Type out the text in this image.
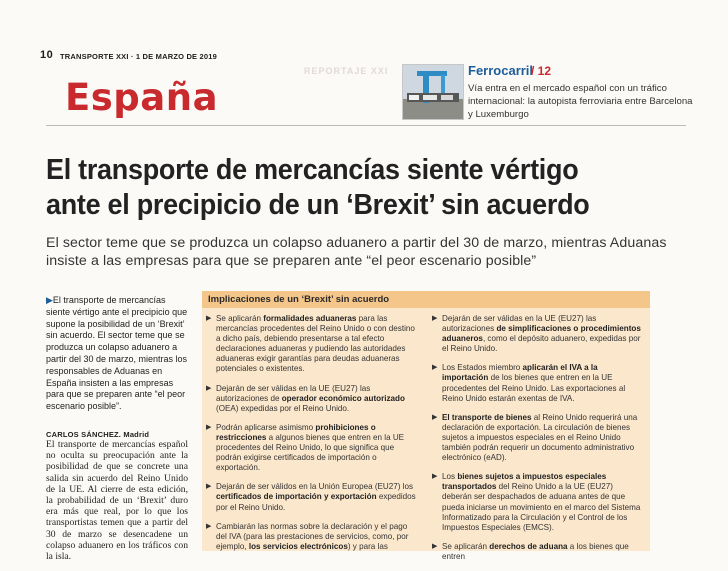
10 TRANSPORTE XXI · 1 DE MARZO DE 2019
España
REPORTAJE XXI	Ferrocarril
/ 12
Vía entra en el mercado español con un tráfico internacional: la autopista ferroviaria entre Barcelona y Luxemburgo
El transporte de mercancías siente vértigo
ante el precipicio de un ‘Brexit’ sin acuerdo
El sector teme que se produzca un colapso aduanero a partir del 30 de marzo, mientras Aduanas insiste a las empresas para que se preparen ante “el peor escenario posible”
▶El transporte de mercancías siente vértigo ante el precipicio que supone la posibilidad de un ‘Brexit’ sin acuerdo. El sector teme que se produzca un colapso aduanero a partir del 30 de marzo, mientras los responsables de Aduanas en España insisten a las empresas para que se preparen ante “el peor escenario posible”.
CARLOS SÁNCHEZ. Madrid
El transporte de mercancías español no oculta su preocupación ante la posibilidad de que se concrete una salida sin acuerdo del Reino Unido de la UE. Al cierre de esta edición, la probabilidad de un ‘Brexit’ duro era más que real, por lo que los transportistas temen que a partir del 30 de marzo se desencadene un colapso aduanero en los tráficos con la isla.
Implicaciones de un ‘Brexit’ sin acuerdo
▶ Se aplicarán formalidades aduaneras para las mercancías procedentes del Reino Unido o con destino a dicho país, debiendo presentarse a tal efecto declaraciones aduaneras y pudiendo las autoridades aduaneras exigir garantías para deudas aduaneras potenciales o existentes.
▶ Dejarán de ser válidas en la UE (EU27) las autorizaciones de operador económico autorizado (OEA) expedidas por el Reino Unido.
▶ Podrán aplicarse asimismo prohibiciones o restricciones a algunos bienes que entren en la UE procedentes del Reino Unido, lo que significa que podrán exigirse certificados de importación o exportación.
▶ Dejarán de ser válidos en la Unión Europea (EU27) los certificados de importación y exportación expedidos por el Reino Unido.
▶ Cambiarán las normas sobre la declaración y el pago del IVA (para las prestaciones de servicios, como, por ejemplo, los servicios electrónicos) y para las
▶ Dejarán de ser válidas en la UE (EU27) las autorizaciones de simplificaciones o procedimientos aduaneros, como el depósito aduanero, expedidas por el Reino Unido.
▶ Los Estados miembro aplicarán el IVA a la importación de los bienes que entren en la UE procedentes del Reino Unido. Las exportaciones al Reino Unido estarán exentas de IVA.
▶ El transporte de bienes al Reino Unido requerirá una declaración de exportación. La circulación de bienes sujetos a impuestos especiales en el Reino Unido también podrán requerir un documento administrativo electrónico (eAD).
▶ Los bienes sujetos a impuestos especiales transportados del Reino Unido a la UE (EU27) deberán ser despachados de aduana antes de que pueda iniciarse un movimiento en el marco del Sistema Informatizado para la Circulación y el Control de los Impuestos Especiales (EMCS).
▶ Se aplicarán derechos de aduana a los bienes que entren
